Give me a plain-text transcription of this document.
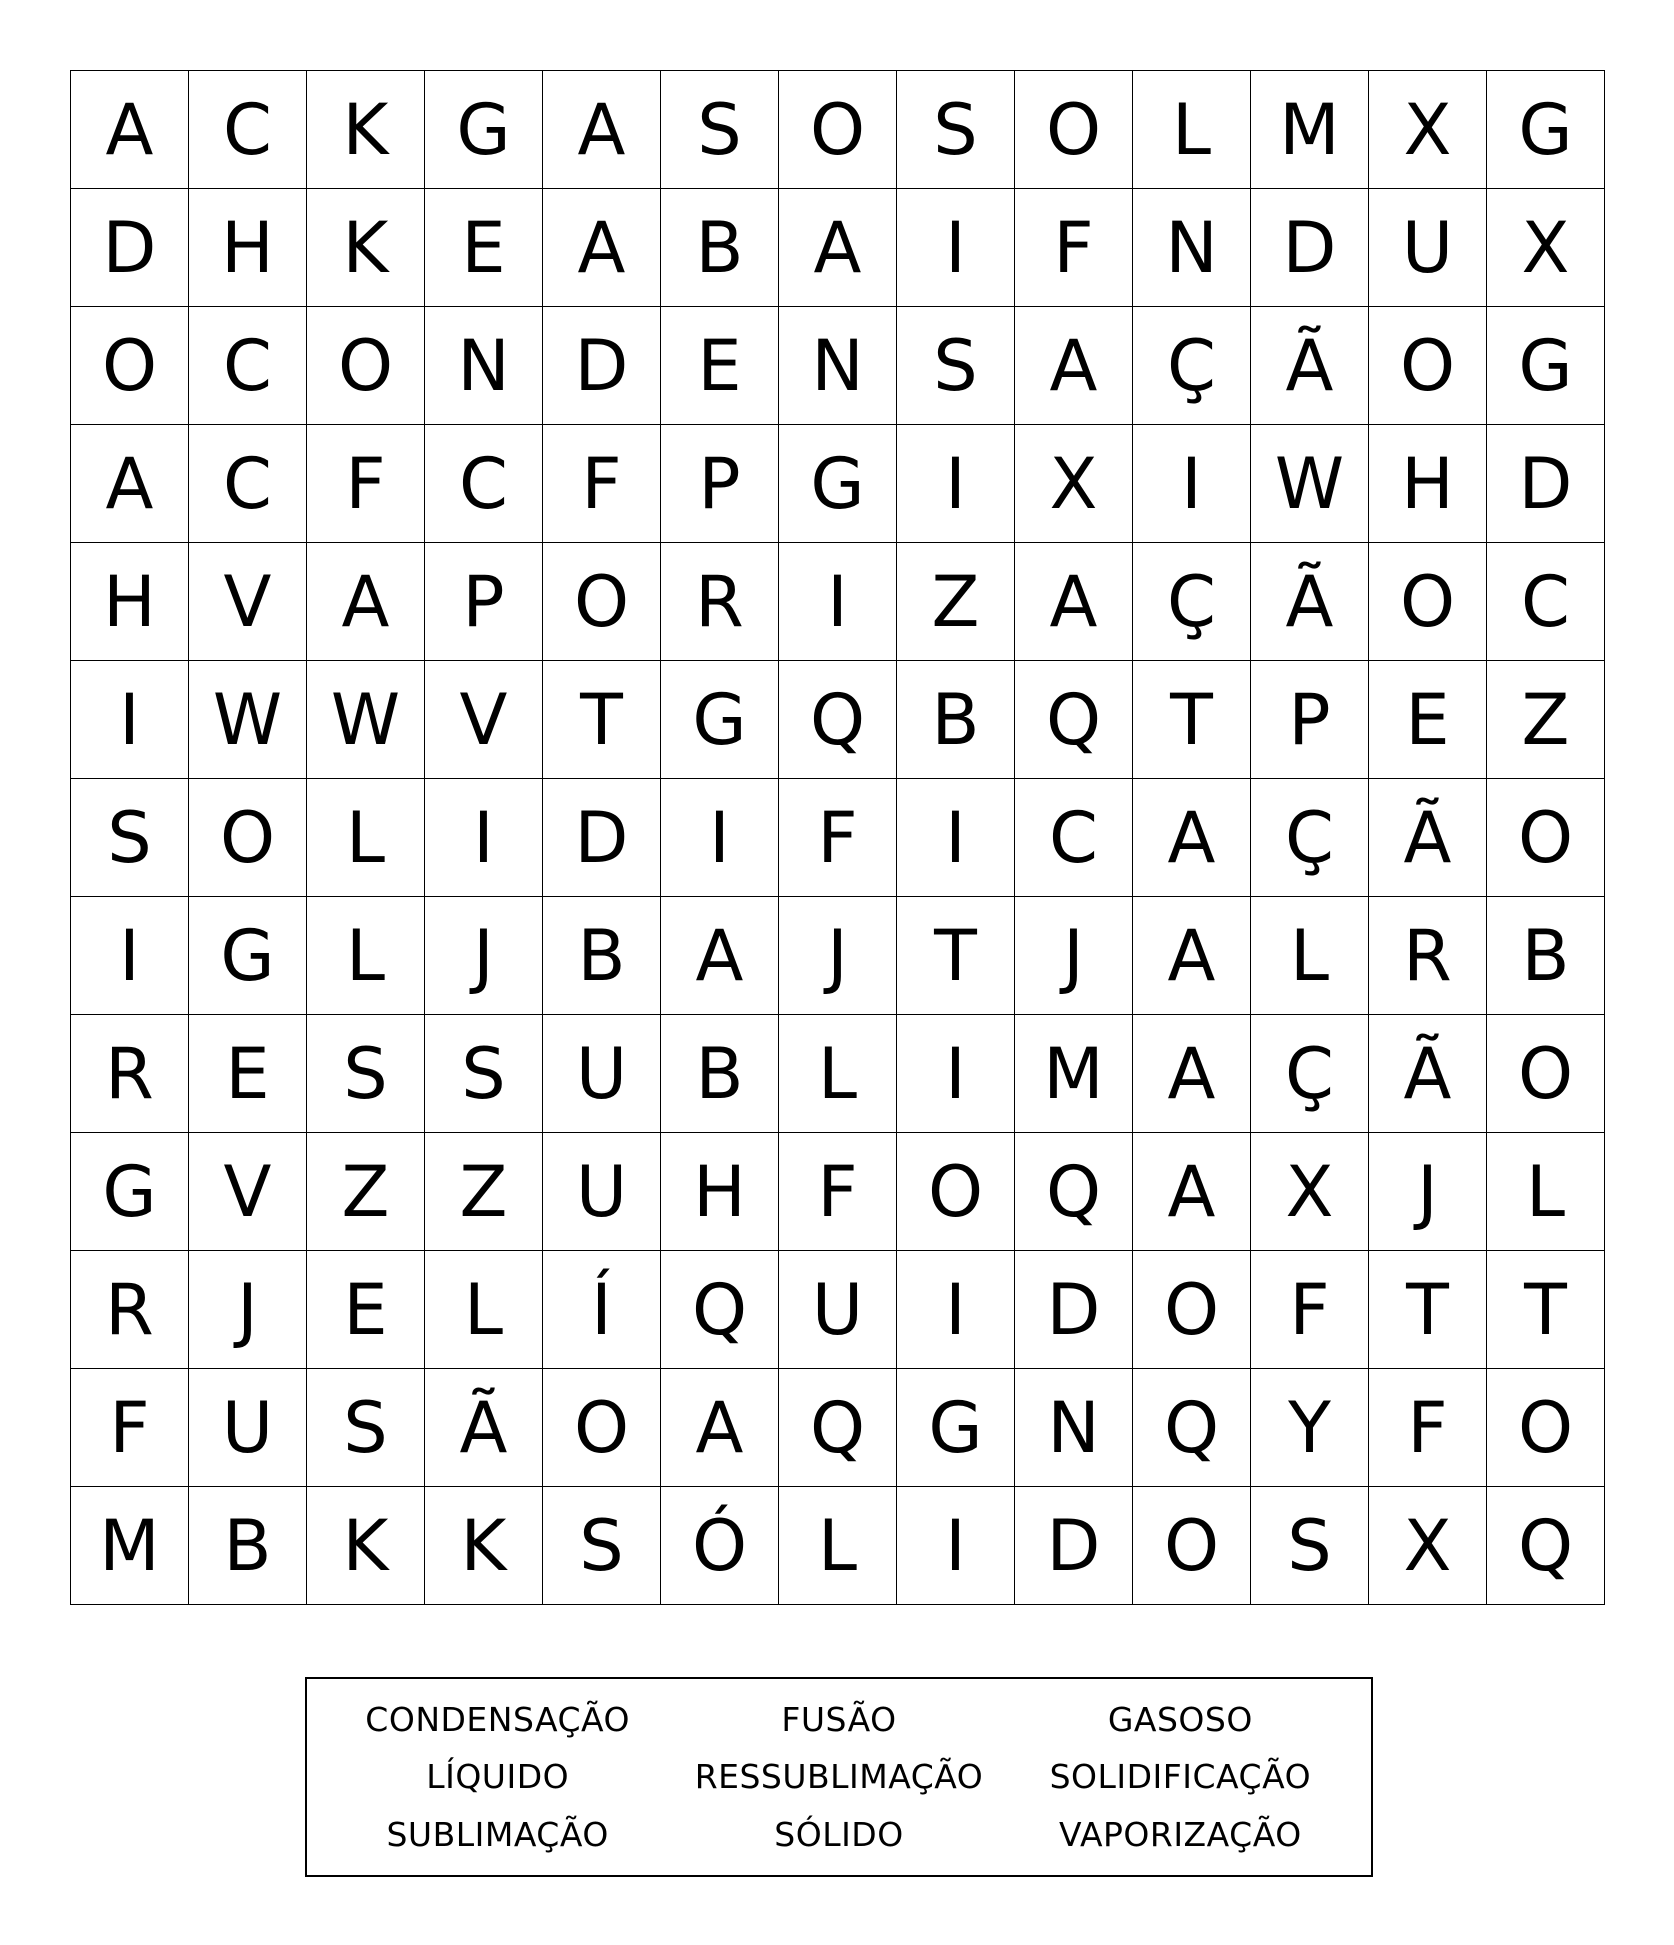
A C	K G A	S O S O	L M X G
D H K	E	A	B	A	I	F	N D U X
O C O N D E N S	A Ç Ã O G
A C	F	C	F	P G	I	X	I	W H D
H V	A	P O R	I	Z	A Ç Ã O C
I	W W V	T G Q B Q T	P	E	Z
S O	L	I	D	I	F	I	C A Ç Ã O
I	G	L	J	B	A	J	T	J	A	L	R B
R	E	S	S	U B	L	I	M A Ç Ã O
G V	Z	Z U H	F	O Q A	X	J	L
R	J	E	L	Í	Q U	I	D O	F	T	T
F	U	S	Ã O A Q G N Q Y	F	O
M B	K	K	S Ó	L	I	D O S	X Q
CONDENSAÇÃO
LÍQUIDO
SUBLIMAÇÃO
FUSÃO
RESSUBLIMAÇÃO
SÓLIDO
GASOSO
SOLIDIFICAÇÃO
VAPORIZAÇÃO
